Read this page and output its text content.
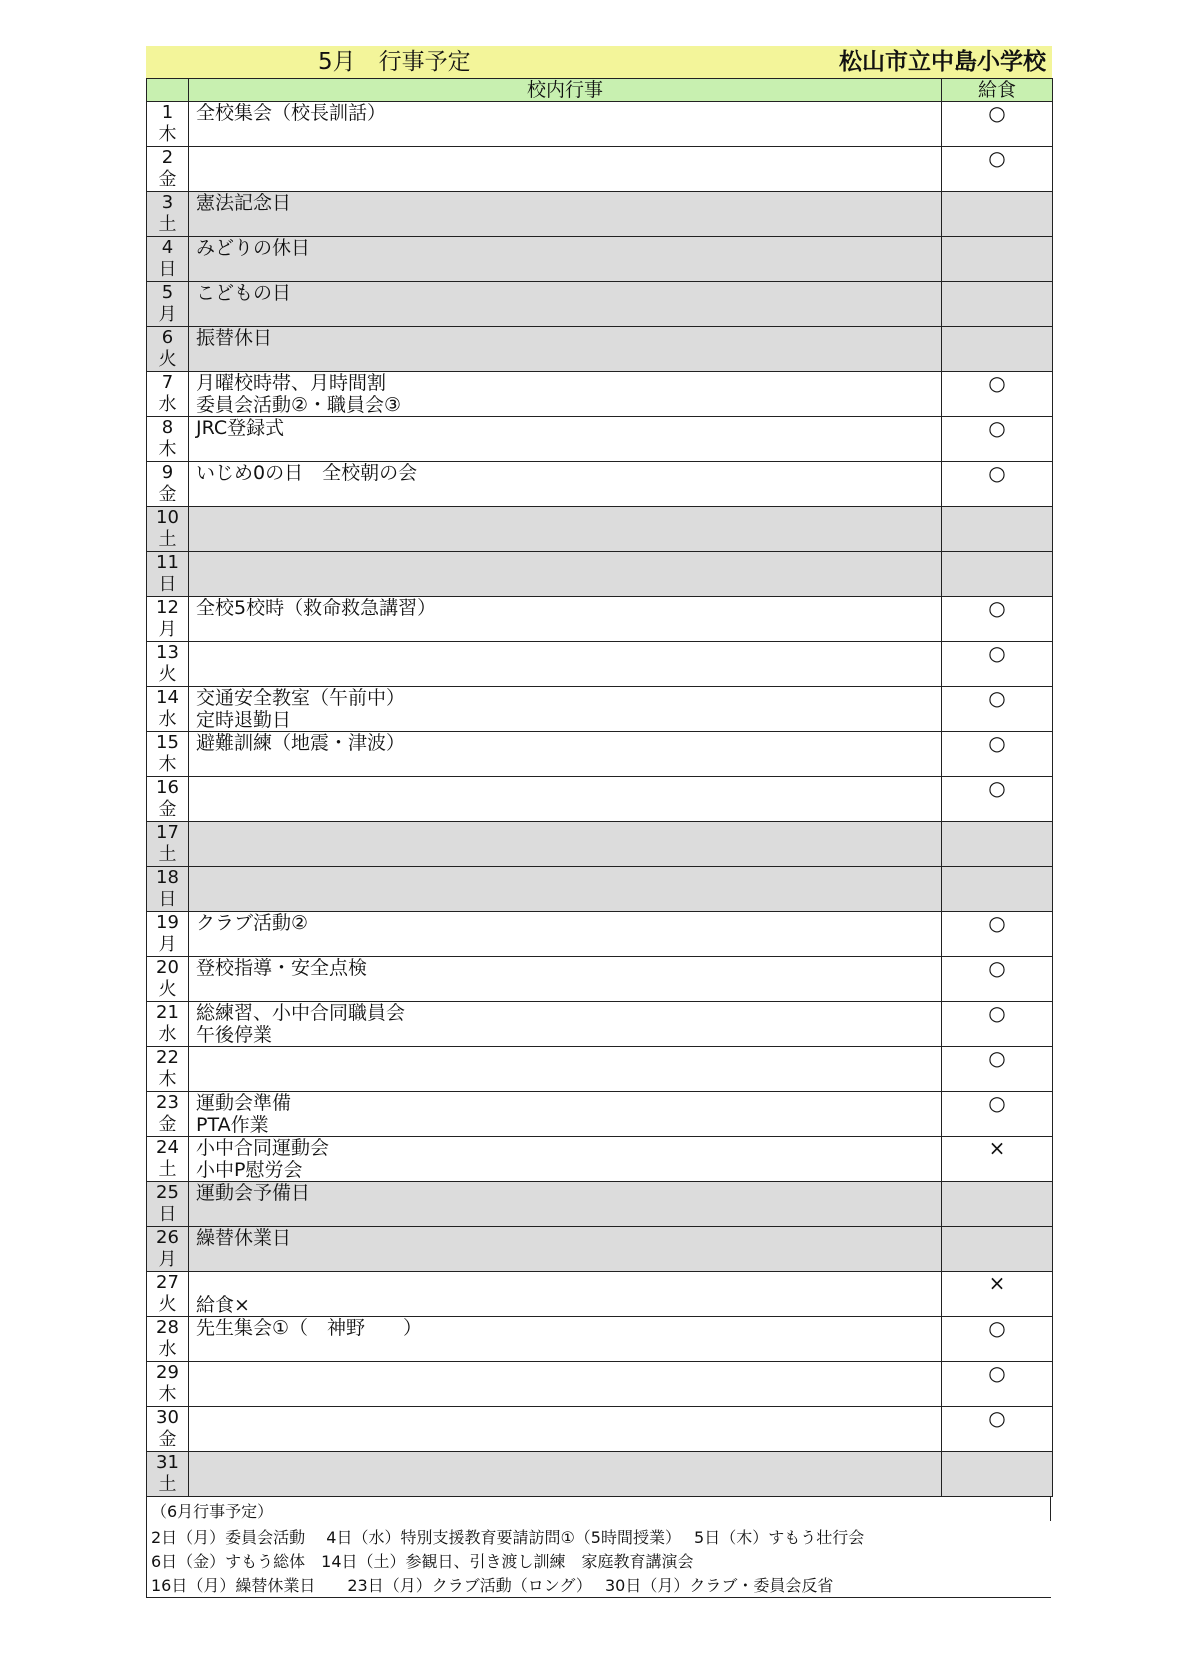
5月　行事予定	松山市立中島小学校
	校内行事	給食

1
木	全校集会（校長訓話）	○

2
金		○

3
土	憲法記念日	

4
日	みどりの休日	

5
月	こどもの日	

6
火	振替休日	

7
水	月曜校時帯、月時間割
委員会活動②・職員会③	○

8
木	JRC登録式	○

9
金	いじめ0の日　全校朝の会	○

10
土		

11
日		

12
月	全校5校時（救命救急講習）	○

13
火		○

14
水	交通安全教室（午前中）
定時退勤日	○

15
木	避難訓練（地震・津波）	○

16
金		○

17
土		

18
日		

19
月	クラブ活動②	○

20
火	登校指導・安全点検	○

21
水	総練習、小中合同職員会
午後停業	○

22
木		○

23
金	運動会準備
PTA作業	○

24
土	小中合同運動会
小中P慰労会	×

25
日	運動会予備日	

26
月	繰替休業日	

27
火	給食×	×

28
水	先生集会①（　神野　　）	○

29
木		○

30
金		○

31
土		

（6月行事予定）
2日（月）委員会活動　 4日（水）特別支援教育要請訪問①（5時間授業）　 5日（木）すもう壮行会
6日（金）すもう総体　14日（土）参観日、引き渡し訓練　家庭教育講演会
16日（月）繰替休業日　　23日（月）クラブ活動（ロング）　 30日（月）クラブ・委員会反省
